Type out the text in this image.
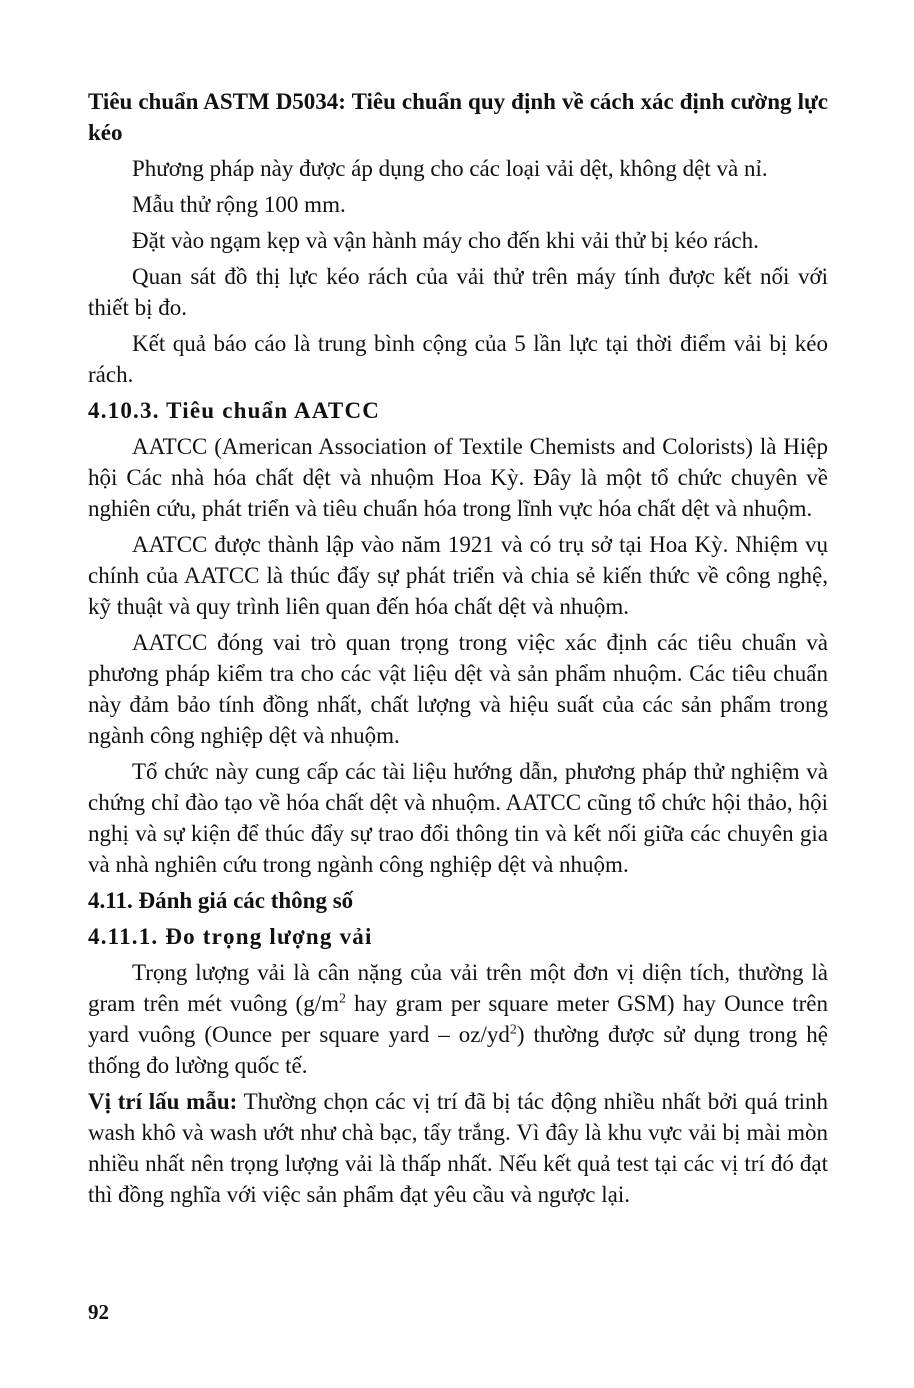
Tiêu chuẩn ASTM D5034: Tiêu chuẩn quy định về cách xác định cường lực kéo

Phương pháp này được áp dụng cho các loại vải dệt, không dệt và nỉ.

Mẫu thử rộng 100 mm.

Đặt vào ngạm kẹp và vận hành máy cho đến khi vải thử bị kéo rách.

Quan sát đồ thị lực kéo rách của vải thử trên máy tính được kết nối với thiết bị đo.

Kết quả báo cáo là trung bình cộng của 5 lần lực tại thời điểm vải bị kéo rách.

4.10.3. Tiêu chuẩn AATCC

AATCC (American Association of Textile Chemists and Colorists) là Hiệp hội Các nhà hóa chất dệt và nhuộm Hoa Kỳ. Đây là một tổ chức chuyên về nghiên cứu, phát triển và tiêu chuẩn hóa trong lĩnh vực hóa chất dệt và nhuộm.

AATCC được thành lập vào năm 1921 và có trụ sở tại Hoa Kỳ. Nhiệm vụ chính của AATCC là thúc đẩy sự phát triển và chia sẻ kiến thức về công nghệ, kỹ thuật và quy trình liên quan đến hóa chất dệt và nhuộm.

AATCC đóng vai trò quan trọng trong việc xác định các tiêu chuẩn và phương pháp kiểm tra cho các vật liệu dệt và sản phẩm nhuộm. Các tiêu chuẩn này đảm bảo tính đồng nhất, chất lượng và hiệu suất của các sản phẩm trong ngành công nghiệp dệt và nhuộm.

Tổ chức này cung cấp các tài liệu hướng dẫn, phương pháp thử nghiệm và chứng chỉ đào tạo về hóa chất dệt và nhuộm. AATCC cũng tổ chức hội thảo, hội nghị và sự kiện để thúc đẩy sự trao đổi thông tin và kết nối giữa các chuyên gia và nhà nghiên cứu trong ngành công nghiệp dệt và nhuộm.

4.11. Đánh giá các thông số
4.11.1. Đo trọng lượng vải

Trọng lượng vải là cân nặng của vải trên một đơn vị diện tích, thường là gram trên mét vuông ($g/m^2$ hay gram per square meter GSM) hay Ounce trên yard vuông (Ounce per square yard – $oz/yd^2$) thường được sử dụng trong hệ thống đo lường quốc tế.

Vị trí lấu mẫu: Thường chọn các vị trí đã bị tác động nhiều nhất bởi quá trinh wash khô và wash ướt như chà bạc, tẩy trắng. Vì đây là khu vực vải bị mài mòn nhiều nhất nên trọng lượng vải là thấp nhất. Nếu kết quả test tại các vị trí đó đạt thì đồng nghĩa với việc sản phẩm đạt yêu cầu và ngược lại.

92
